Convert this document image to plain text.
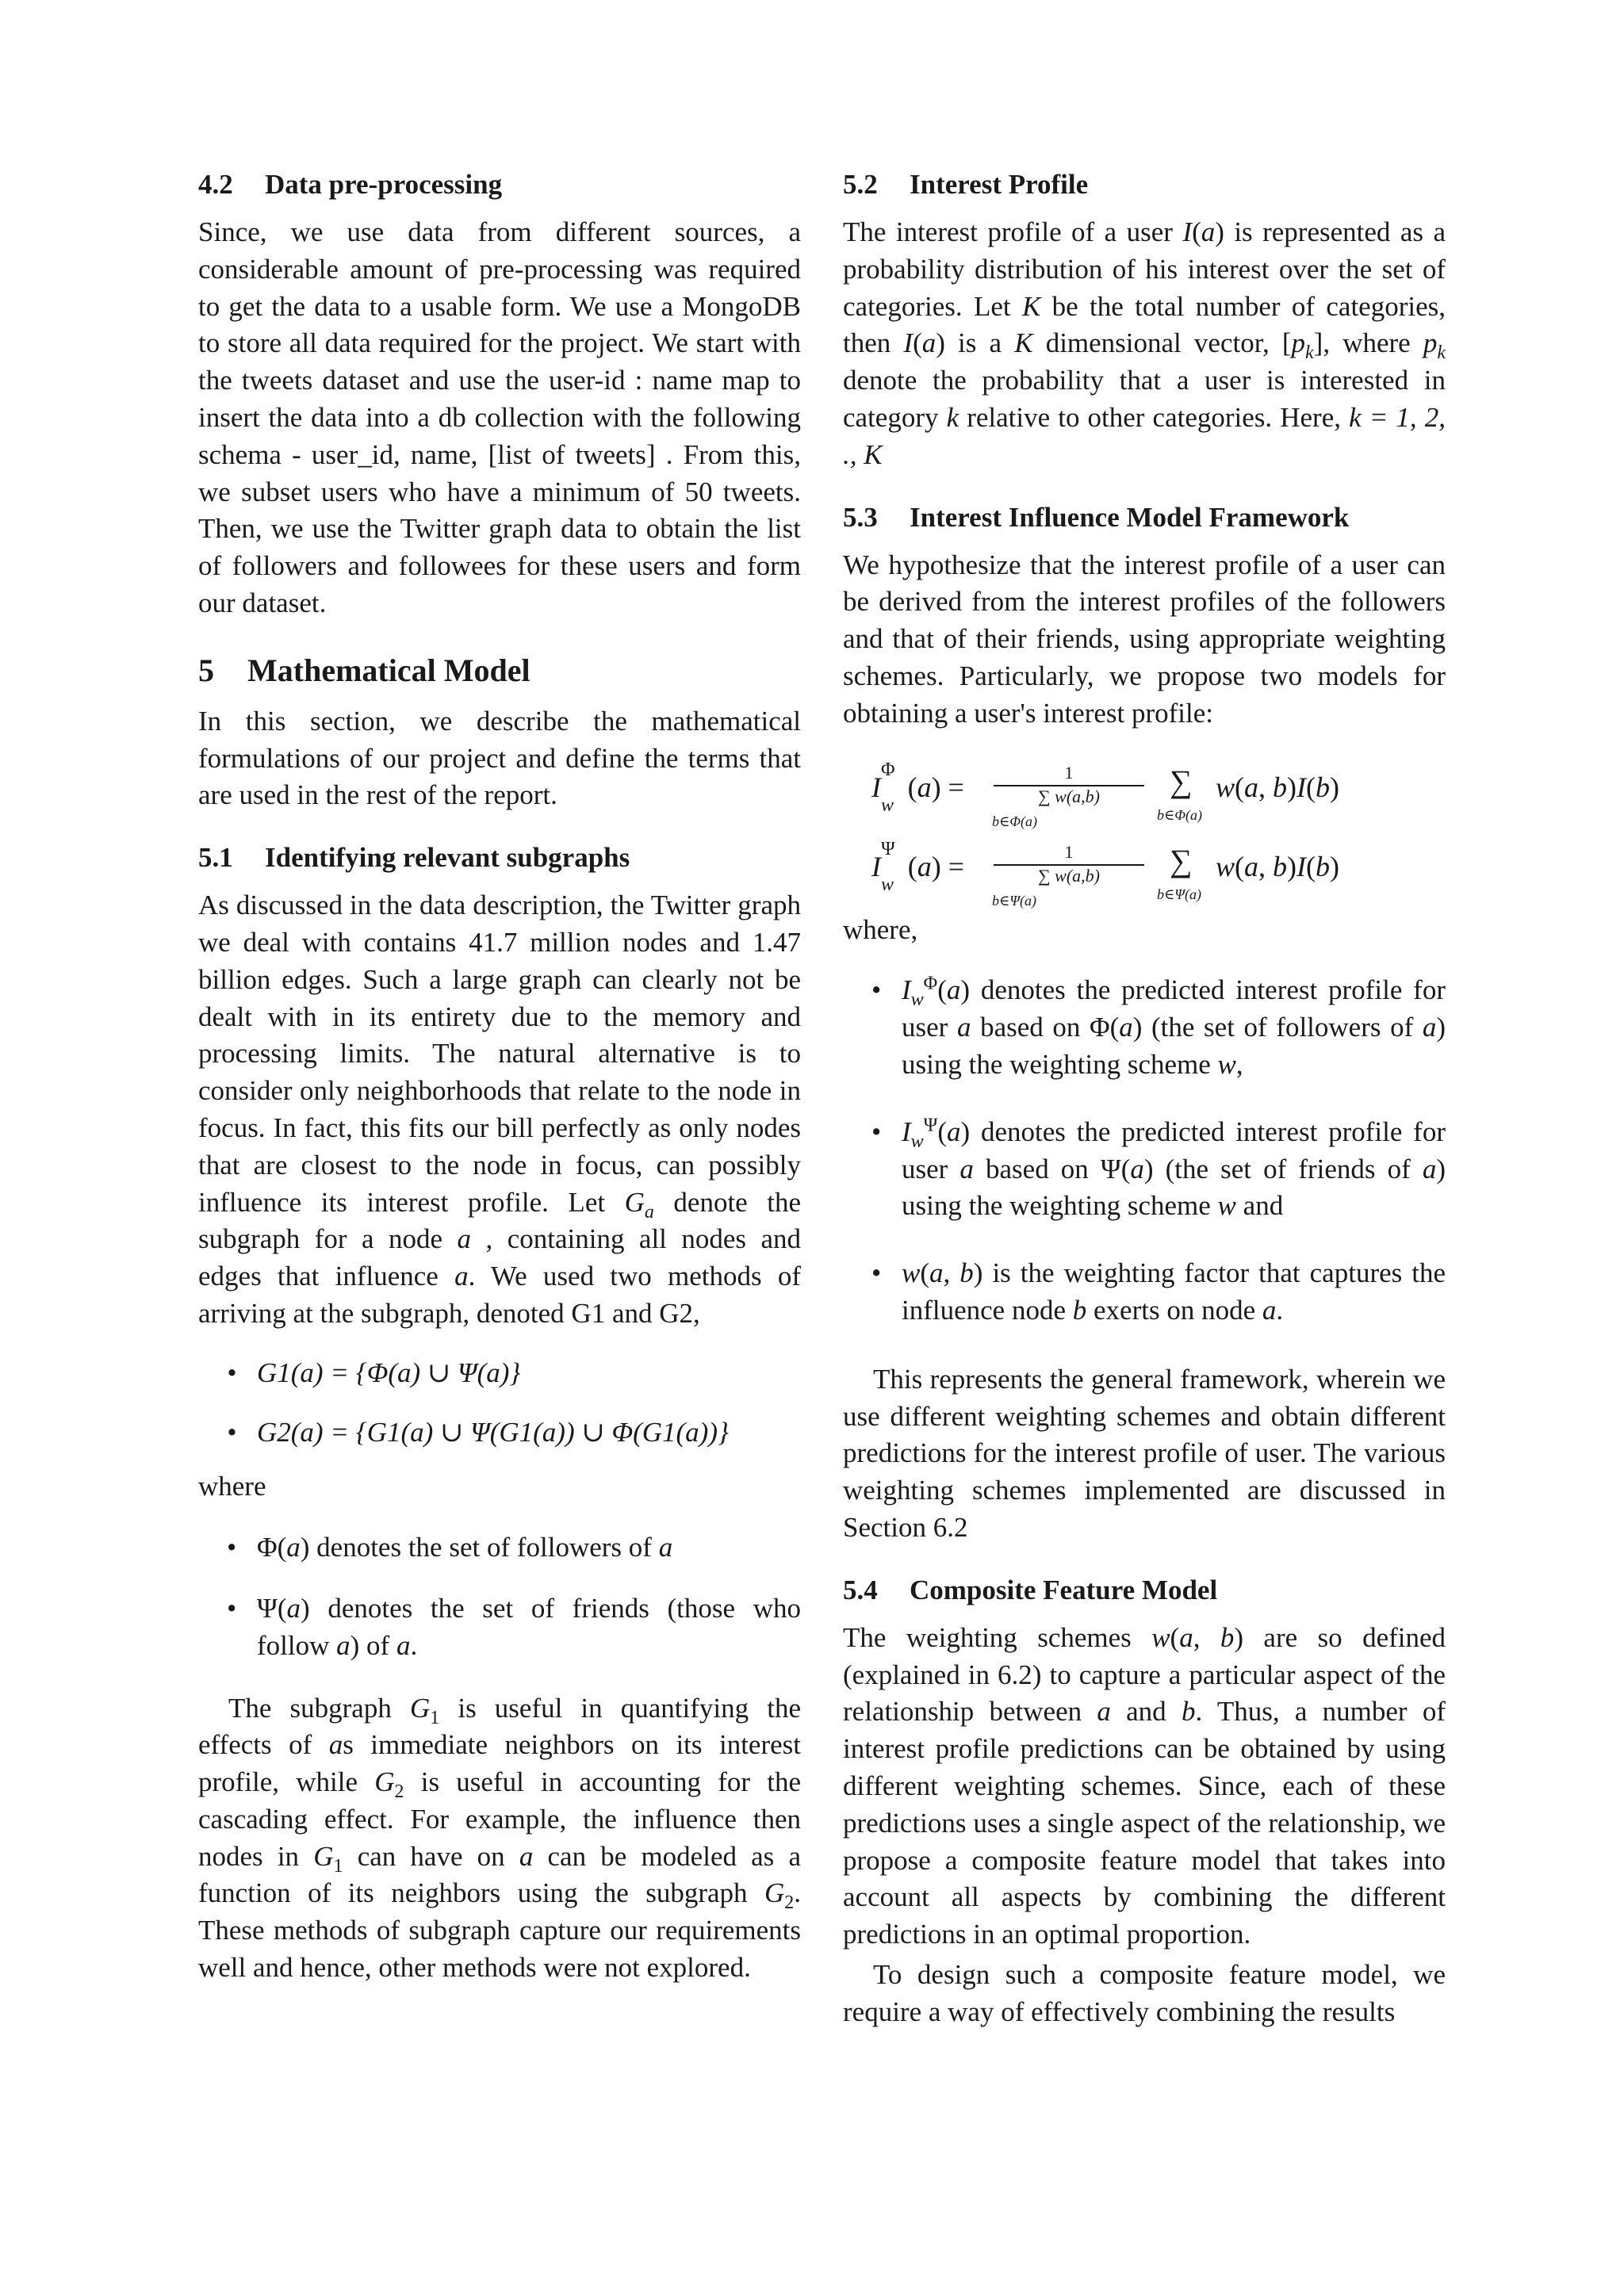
4.2 Data pre-processing

Since, we use data from different sources, a considerable amount of pre-processing was required to get the data to a usable form. We use a MongoDB to store all data required for the project. We start with the tweets dataset and use the user-id : name map to insert the data into a db collection with the following schema - user_id, name, [list of tweets] . From this, we subset users who have a minimum of 50 tweets. Then, we use the Twitter graph data to obtain the list of followers and followees for these users and form our dataset.

5 Mathematical Model

In this section, we describe the mathematical formulations of our project and define the terms that are used in the rest of the report.

5.1 Identifying relevant subgraphs

As discussed in the data description, the Twitter graph we deal with contains 41.7 million nodes and 1.47 billion edges. Such a large graph can clearly not be dealt with in its entirety due to the memory and processing limits. The natural alternative is to consider only neighborhoods that relate to the node in focus. In fact, this fits our bill perfectly as only nodes that are closest to the node in focus, can possibly influence its interest profile. Let $G_a$ denote the subgraph for a node a , containing all nodes and edges that influence a. We used two methods of arriving at the subgraph, denoted G1 and G2,

• G1(a) = {Φ(a) ∪ Ψ(a)}
• G2(a) = {G1(a) ∪ Ψ(G1(a)) ∪ Φ(G1(a))}

where

• Φ(a) denotes the set of followers of a
• Ψ(a) denotes the set of friends (those who follow a) of a.

The subgraph $G_1$ is useful in quantifying the effects of as immediate neighbors on its interest profile, while $G_2$ is useful in accounting for the cascading effect. For example, the influence then nodes in $G_1$ can have on a can be modeled as a function of its neighbors using the subgraph $G_2$. These methods of subgraph capture our requirements well and hence, other methods were not explored.

5.2 Interest Profile

The interest profile of a user I(a) is represented as a probability distribution of his interest over the set of categories. Let K be the total number of categories, then I(a) is a K dimensional vector, $[p_k]$, where $p_k$ denote the probability that a user is interested in category k relative to other categories. Here, k = 1, 2, ., K

5.3 Interest Influence Model Framework

We hypothesize that the interest profile of a user can be derived from the interest profiles of the followers and that of their friends, using appropriate weighting schemes. Particularly, we propose two models for obtaining a user's interest profile:

$I_w^\Phi(a) = \frac{1}{\sum w(a,b)}$
b∈Φ(a)
∑
b∈Φ(a)
w(a, b)I(b)
$I_w^\Psi(a) = \frac{1}{\sum w(a,b)}$
b∈Ψ(a)
∑
b∈Ψ(a)
w(a, b)I(b)

where,

• $I_w^\Phi(a)$ denotes the predicted interest profile for user a based on Φ(a) (the set of followers of a) using the weighting scheme w,
• $I_w^\Psi(a)$ denotes the predicted interest profile for user a based on Ψ(a) (the set of friends of a) using the weighting scheme w and
• w(a, b) is the weighting factor that captures the influence node b exerts on node a.

This represents the general framework, wherein we use different weighting schemes and obtain different predictions for the interest profile of user. The various weighting schemes implemented are discussed in Section 6.2

5.4 Composite Feature Model

The weighting schemes w(a, b) are so defined (explained in 6.2) to capture a particular aspect of the relationship between a and b. Thus, a number of interest profile predictions can be obtained by using different weighting schemes. Since, each of these predictions uses a single aspect of the relationship, we propose a composite feature model that takes into account all aspects by combining the different predictions in an optimal proportion.

To design such a composite feature model, we require a way of effectively combining the results
